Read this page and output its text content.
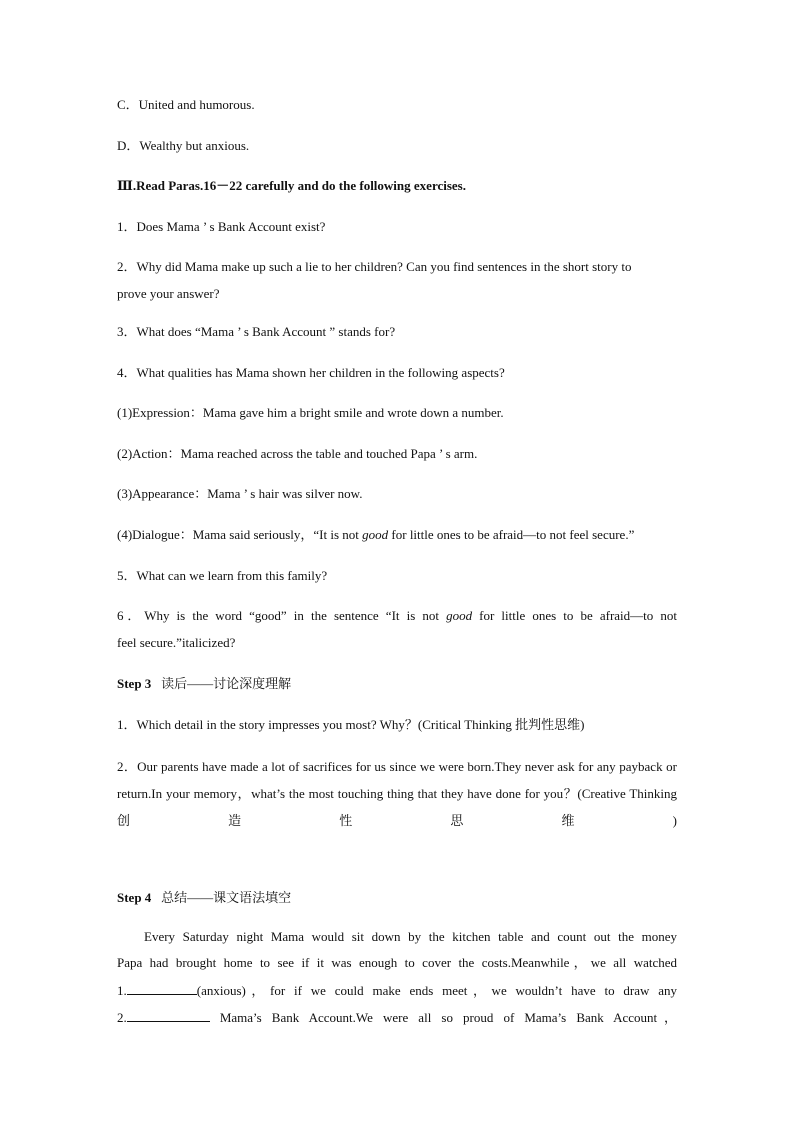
C．United and humorous.
D．Wealthy but anxious.
Ⅲ.Read Paras.16－22 carefully and do the following exercises.
1．Does Mama ’ s Bank Account exist?
2．Why did Mama make up such a lie to her children? Can you find sentences in the short story to
prove your answer?
3．What does “Mama ’ s Bank Account ” stands for?
4．What qualities has Mama shown her children in the following aspects?
(1)Expression：Mama gave him a bright smile and wrote down a number.
(2)Action：Mama reached across the table and touched Papa ’ s arm.
(3)Appearance：Mama ’ s hair was silver now.
(4)Dialogue：Mama said seriously，“It is not good for little ones to be afraid—to not feel secure.”
5．What can we learn from this family?
6．Why is the word “good” in the sentence “It is not good for little ones to be afraid—to not
feel secure.”italicized?
Step 3 读后——讨论深度理解
1．Which detail in the story impresses you most? Why？(Critical Thinking 批判性思维)
2．Our parents have made a lot of sacrifices for us since we were born.They never ask for any payback or return.In your memory，what’s the most touching thing that they have done for you？(Creative Thinking 创造性思维)
Step 4 总结——课文语法填空
Every Saturday night Mama would sit down by the kitchen table and count out the money
Papa had brought home to see if it was enough to cover the costs.Meanwhile，we all watched
1.	(anxious)，for if we could make ends meet，we wouldn’t have to draw any
2.	Mama’s Bank Account.We were all so proud of Mama’s Bank Account，
